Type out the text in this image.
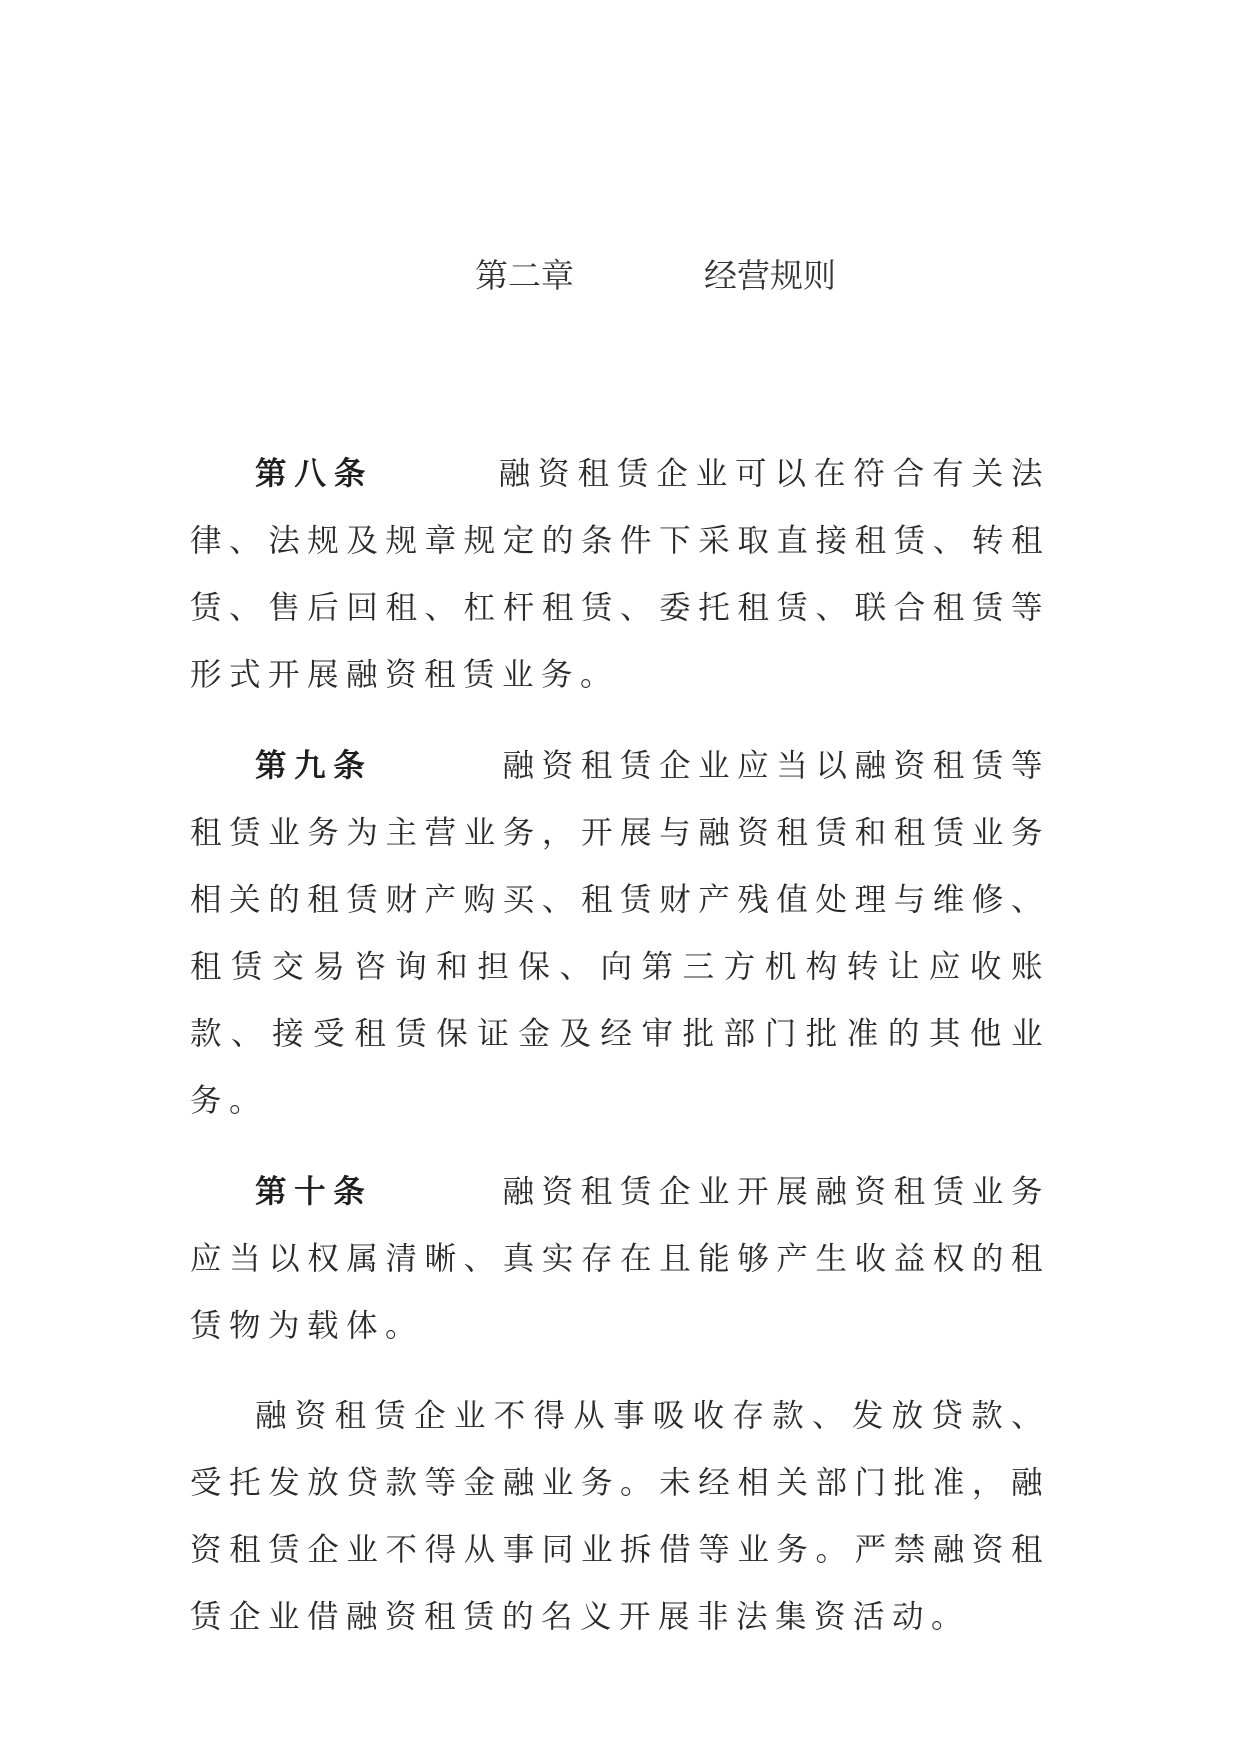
第二章	经营规则

第八条	融资租赁企业可以在符合有关法律、法规及规章规定的条件下采取直接租赁、转租赁、售后回租、杠杆租赁、委托租赁、联合租赁等形式开展融资租赁业务。

第九条	融资租赁企业应当以融资租赁等租赁业务为主营业务，开展与融资租赁和租赁业务相关的租赁财产购买、租赁财产残值处理与维修、租赁交易咨询和担保、向第三方机构转让应收账款、接受租赁保证金及经审批部门批准的其他业务。

第十条	融资租赁企业开展融资租赁业务应当以权属清晰、真实存在且能够产生收益权的租赁物为载体。

融资租赁企业不得从事吸收存款、发放贷款、受托发放贷款等金融业务。未经相关部门批准，融资租赁企业不得从事同业拆借等业务。严禁融资租赁企业借融资租赁的名义开展非法集资活动。
